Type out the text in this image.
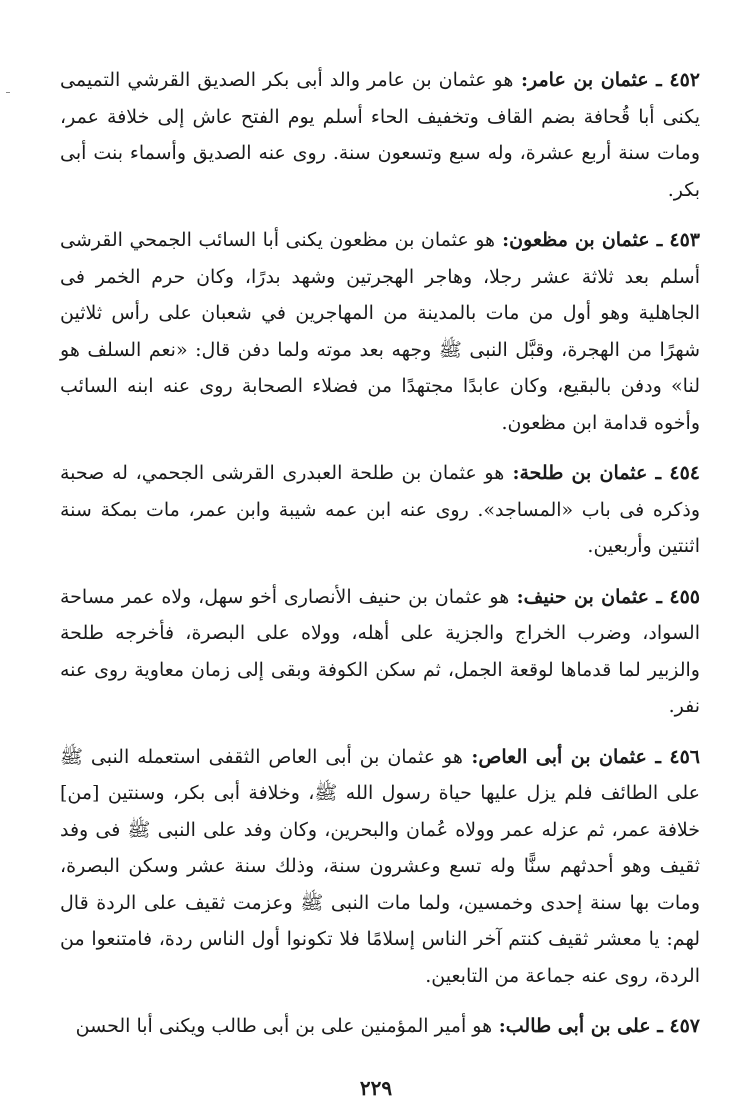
٤٥٢ ـ عثمان بن عامر: هو عثمان بن عامر والد أبى بكر الصديق القرشي التميمى يكنى أبا قُحافة بضم القاف وتخفيف الحاء أسلم يوم الفتح عاش إلى خلافة عمر، ومات سنة أربع عشرة، وله سبع وتسعون سنة. روى عنه الصديق وأسماء بنت أبى بكر.

٤٥٣ ـ عثمان بن مظعون: هو عثمان بن مظعون يكنى أبا السائب الجمحي القرشى أسلم بعد ثلاثة عشر رجلا، وهاجر الهجرتين وشهد بدرًا، وكان حرم الخمر فى الجاهلية وهو أول من مات بالمدينة من المهاجرين في شعبان على رأس ثلاثين شهرًا من الهجرة، وقبَّل النبى ﷺ وجهه بعد موته ولما دفن قال: «نعم السلف هو لنا» ودفن بالبقيع، وكان عابدًا مجتهدًا من فضلاء الصحابة روى عنه ابنه السائب وأخوه قدامة ابن مظعون.

٤٥٤ ـ عثمان بن طلحة: هو عثمان بن طلحة العبدرى القرشى الجحمي، له صحبة وذكره فى باب «المساجد». روى عنه ابن عمه شيبة وابن عمر، مات بمكة سنة اثنتين وأربعين.

٤٥٥ ـ عثمان بن حنيف: هو عثمان بن حنيف الأنصارى أخو سهل، ولاه عمر مساحة السواد، وضرب الخراج والجزية على أهله، وولاه على البصرة، فأخرجه طلحة والزبير لما قدماها لوقعة الجمل، ثم سكن الكوفة وبقى إلى زمان معاوية روى عنه نفر.

٤٥٦ ـ عثمان بن أبى العاص: هو عثمان بن أبى العاص الثقفى استعمله النبى ﷺ على الطائف فلم يزل عليها حياة رسول الله ﷺ، وخلافة أبى بكر، وسنتين [من] خلافة عمر، ثم عزله عمر وولاه عُمان والبحرين، وكان وفد على النبى ﷺ فى وفد ثقيف وهو أحدثهم سنًّا وله تسع وعشرون سنة، وذلك سنة عشر وسكن البصرة، ومات بها سنة إحدى وخمسين، ولما مات النبى ﷺ وعزمت ثقيف على الردة قال لهم: يا معشر ثقيف كنتم آخر الناس إسلامًا فلا تكونوا أول الناس ردة، فامتنعوا من الردة، روى عنه جماعة من التابعين.

٤٥٧ ـ على بن أبى طالب: هو أمير المؤمنين على بن أبى طالب ويكنى أبا الحسن

٢٢٩
